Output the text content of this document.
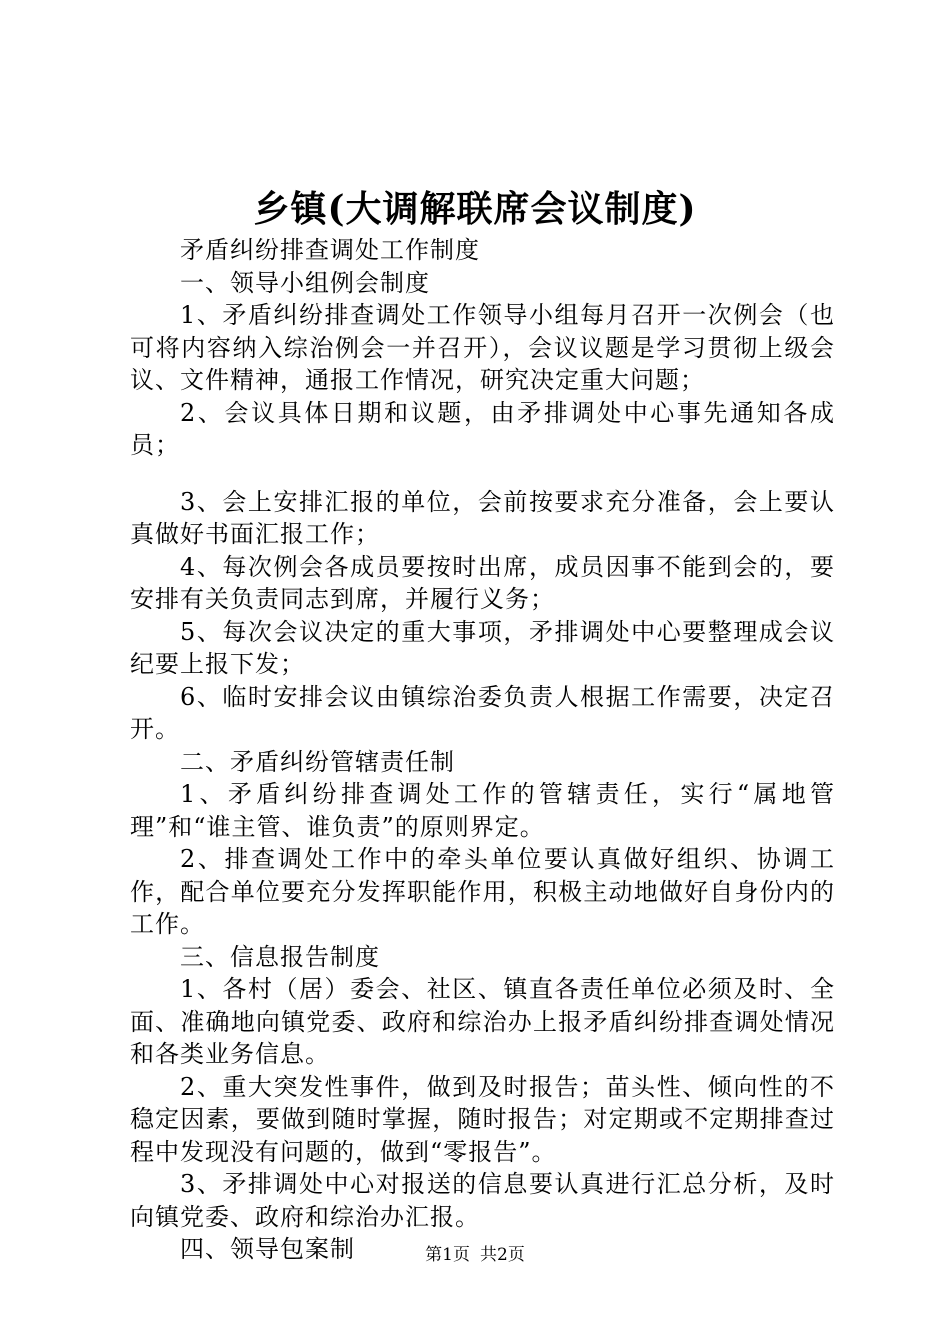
乡镇(大调解联席会议制度)

矛盾纠纷排查调处工作制度

一、领导小组例会制度

1、矛盾纠纷排查调处工作领导小组每月召开一次例会（也可将内容纳入综治例会一并召开），会议议题是学习贯彻上级会议、文件精神，通报工作情况，研究决定重大问题；

2、会议具体日期和议题，由矛排调处中心事先通知各成员；

3、会上安排汇报的单位，会前按要求充分准备，会上要认真做好书面汇报工作；

4、每次例会各成员要按时出席，成员因事不能到会的，要安排有关负责同志到席，并履行义务；

5、每次会议决定的重大事项，矛排调处中心要整理成会议纪要上报下发；

6、临时安排会议由镇综治委负责人根据工作需要，决定召开。

二、矛盾纠纷管辖责任制

1、矛盾纠纷排查调处工作的管辖责任，实行“属地管理”和“谁主管、谁负责”的原则界定。

2、排查调处工作中的牵头单位要认真做好组织、协调工作，配合单位要充分发挥职能作用，积极主动地做好自身份内的工作。

三、信息报告制度

1、各村（居）委会、社区、镇直各责任单位必须及时、全面、准确地向镇党委、政府和综治办上报矛盾纠纷排查调处情况和各类业务信息。

2、重大突发性事件，做到及时报告；苗头性、倾向性的不稳定因素，要做到随时掌握，随时报告；对定期或不定期排查过程中发现没有问题的，做到“零报告”。

3、矛排调处中心对报送的信息要认真进行汇总分析，及时向镇党委、政府和综治办汇报。

四、领导包案制	第1页 共2页
